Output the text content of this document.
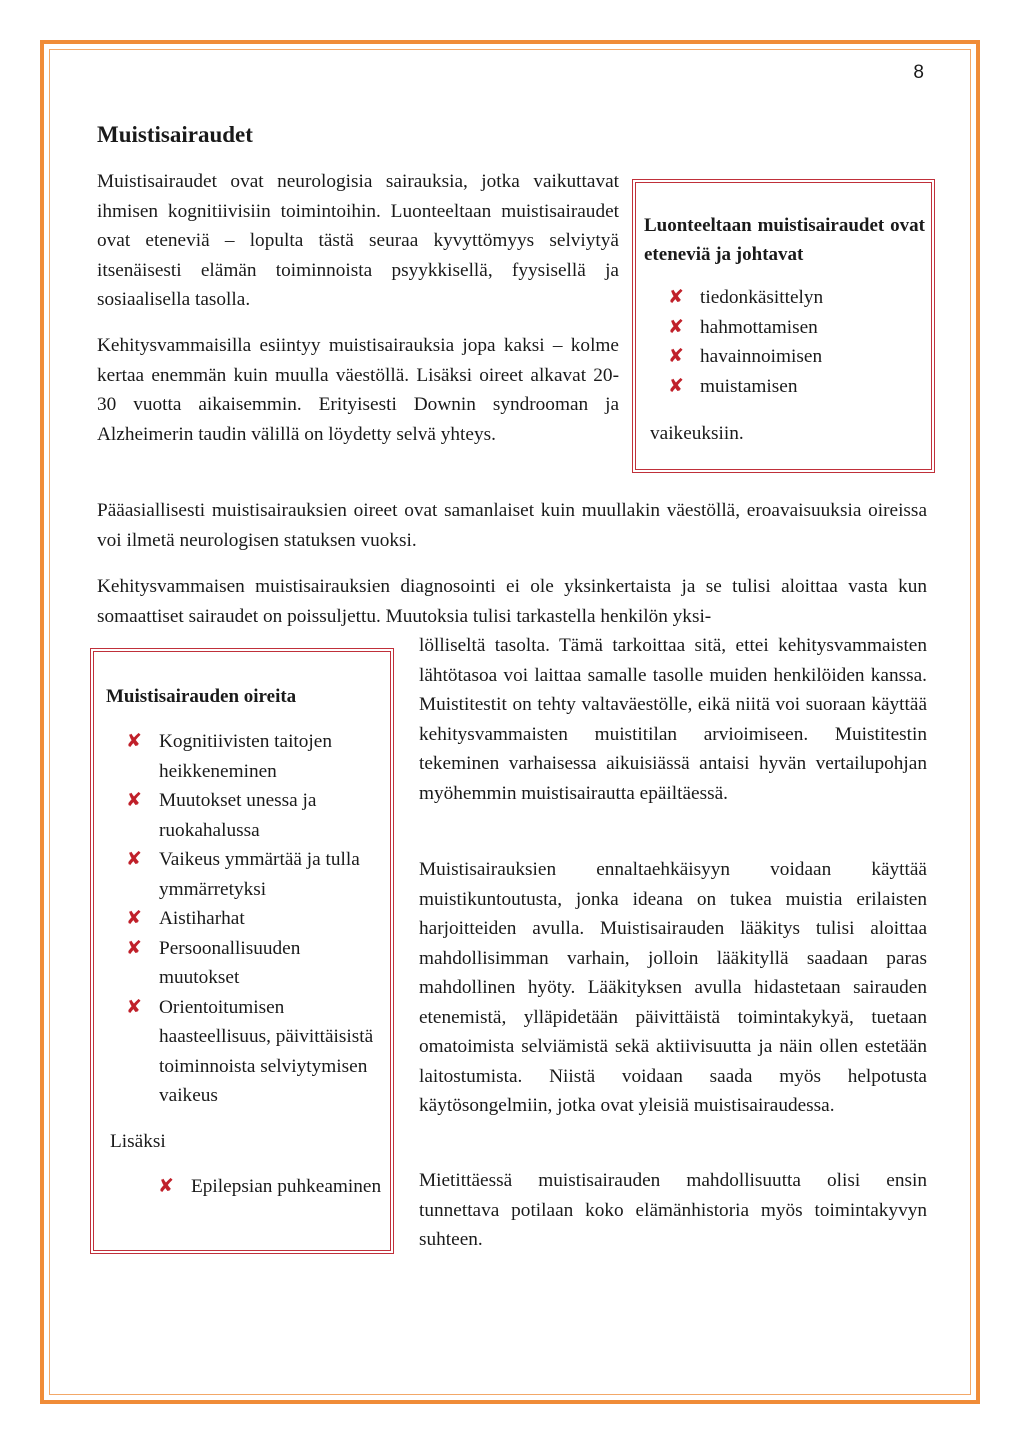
8
Muistisairaudet

Muistisairaudet ovat neurologisia sairauksia, jotka vaikuttavat ihmisen kognitiivisiin toimintoihin. Luonteeltaan muistisairaudet ovat eteneviä – lopulta tästä seuraa kyvyttömyys selviytyä itsenäisesti elämän toiminnoista psyykkisellä, fyysisellä ja sosiaalisella tasolla.

Kehitysvammaisilla esiintyy muistisairauksia jopa kaksi – kolme kertaa enemmän kuin muulla väestöllä. Lisäksi oireet alkavat 20-30 vuotta aikaisemmin. Erityisesti Downin syndrooman ja Alzheimerin taudin välillä on löydetty selvä yhteys.

Luonteeltaan muistisairaudet ovat eteneviä ja johtavat

✘ tiedonkäsittelyn
✘ hahmottamisen
✘ havainnoimisen
✘ muistamisen
vaikeuksiin.

Pääasiallisesti muistisairauksien oireet ovat samanlaiset kuin muullakin väestöllä, eroavaisuuksia oireissa voi ilmetä neurologisen statuksen vuoksi.

Kehitysvammaisen muistisairauksien diagnosointi ei ole yksinkertaista ja se tulisi aloittaa vasta kun somaattiset sairaudet on poissuljettu. Muutoksia tulisi tarkastella henkilön yksi-

Muistisairauden oireita

✘ Kognitiivisten taitojen heikkeneminen
✘ Muutokset unessa ja ruokahalussa
✘ Vaikeus ymmärtää ja tulla ymmärretyksi
✘ Aistiharhat
✘ Persoonallisuuden muutokset
✘ Orientoitumisen haasteellisuus, päivittäisistä toiminnoista selviytymisen vaikeus
Lisäksi
✘ Epilepsian puhkeaminen

lölliseltä tasolta. Tämä tarkoittaa sitä, ettei kehitysvammaisten lähtötasoa voi laittaa samalle tasolle muiden henkilöiden kanssa. Muistitestit on tehty valtaväestölle, eikä niitä voi suoraan käyttää kehitysvammaisten muistitilan arvioimiseen. Muistitestin tekeminen varhaisessa aikuisiässä antaisi hyvän vertailupohjan myöhemmin muistisairautta epäiltäessä.

Muistisairauksien ennaltaehkäisyyn voidaan käyttää muistikuntoutusta, jonka ideana on tukea muistia erilaisten harjoitteiden avulla. Muistisairauden lääkitys tulisi aloittaa mahdollisimman varhain, jolloin lääkityllä saadaan paras mahdollinen hyöty. Lääkityksen avulla hidastetaan sairauden etenemistä, ylläpidetään päivittäistä toimintakykyä, tuetaan omatoimista selviämistä sekä aktiivisuutta ja näin ollen estetään laitostumista. Niistä voidaan saada myös helpotusta käytösongelmiin, jotka ovat yleisiä muistisairaudessa.

Mietittäessä muistisairauden mahdollisuutta olisi ensin tunnettava potilaan koko elämänhistoria myös toimintakyvyn suhteen.
